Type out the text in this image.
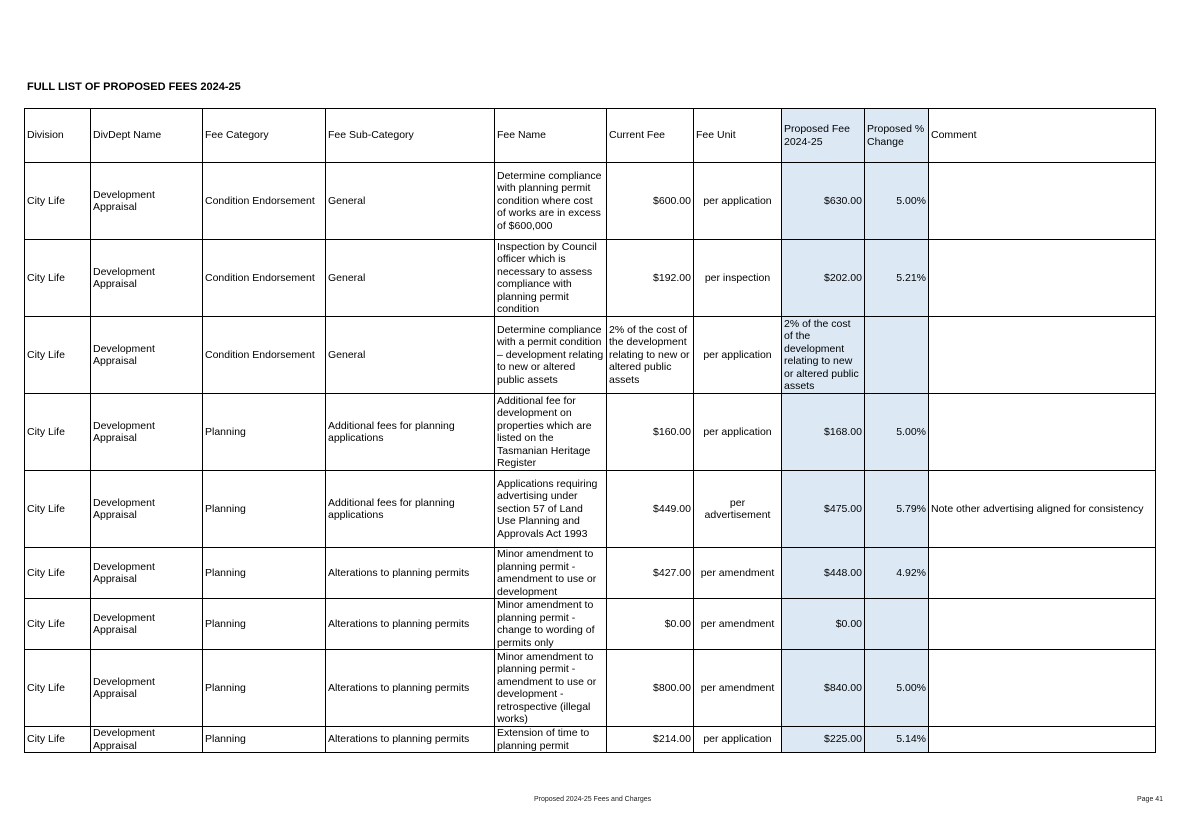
FULL LIST OF PROPOSED FEES 2024-25
Division	DivDept Name	Fee Category	Fee Sub-Category	Fee Name	Current Fee	Fee Unit	Proposed Fee 2024-25	Proposed % Change	Comment
City Life	Development Appraisal	Condition Endorsement	General	Determine compliance with planning permit condition where cost of works are in excess of $600,000	$600.00	per application	$630.00	5.00%	
City Life	Development Appraisal	Condition Endorsement	General	Inspection by Council officer which is necessary to assess compliance with planning permit condition	$192.00	per inspection	$202.00	5.21%	
City Life	Development Appraisal	Condition Endorsement	General	Determine compliance with a permit condition – development relating to new or altered public assets	2% of the cost of the development relating to new or altered public assets	per application	2% of the cost of the development relating to new or altered public assets		
City Life	Development Appraisal	Planning	Additional fees for planning applications	Additional fee for development on properties which are listed on the Tasmanian Heritage Register	$160.00	per application	$168.00	5.00%	
City Life	Development Appraisal	Planning	Additional fees for planning applications	Applications requiring advertising under section 57 of Land Use Planning and Approvals Act 1993	$449.00	per advertisement	$475.00	5.79%	Note other advertising aligned for consistency
City Life	Development Appraisal	Planning	Alterations to planning permits	Minor amendment to planning permit - amendment to use or development	$427.00	per amendment	$448.00	4.92%	
City Life	Development Appraisal	Planning	Alterations to planning permits	Minor amendment to planning permit - change to wording of permits only	$0.00	per amendment	$0.00		
City Life	Development Appraisal	Planning	Alterations to planning permits	Minor amendment to planning permit - amendment to use or development - retrospective (illegal works)	$800.00	per amendment	$840.00	5.00%	
City Life	Development Appraisal	Planning	Alterations to planning permits	Extension of time to planning permit	$214.00	per application	$225.00	5.14%	
Proposed 2024-25 Fees and Charges	Page 41
